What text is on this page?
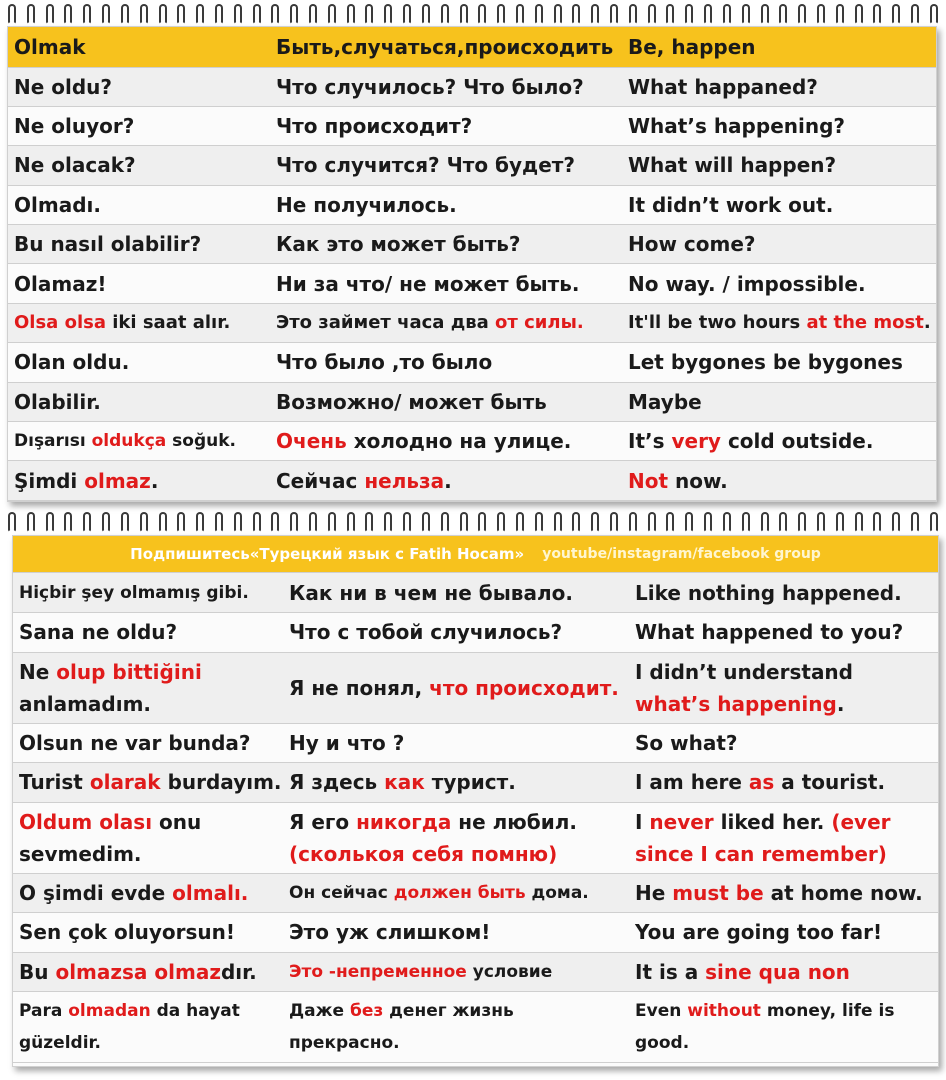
Olmak	Быть,случаться,происходить	Be, happen
Ne oldu?	Что случилось? Что было?	What happaned?
Ne oluyor?	Что происходит?	What’s happening?
Ne olacak?	Что случится? Что будет?	What will happen?
Olmadı.	Не получилось.	It didn’t work out.
Bu nasıl olabilir?	Как это может быть?	How come?
Olamaz!	Ни за что/ не может быть.	No way. / impossible.
Olsa olsa iki saat alır.	Это займет часа два от силы.	It'll be two hours at the most.
Olan oldu.	Что было ,то было	Let bygones be bygones
Olabilir.	Возможно/ может быть	Maybe
Dışarısı oldukça soğuk.	Очень холодно на улице.	It’s very cold outside.
Şimdi olmaz.	Сейчас нельза.	Not now.
Подпишитесь«Турецкий язык с Fatih Hocam» youtube/instagram/facebook group
Hiçbir şey olmamış gibi.	Как ни в чем не бывало.	Like nothing happened.
Sana ne oldu?	Что с тобой случилось?	What happened to you?
Ne olup bittiğini anlamadım.	Я не понял, что происходит.	I didn’t understand what’s happening.
Olsun ne var bunda?	Ну и что ?	So what?
Turist olarak burdayım.	Я здесь как турист.	I am here as a tourist.
Oldum olası onu sevmedim.	Я его никогда не любил. (сколькоя себя помню)	I never liked her. (ever since I can remember)
O şimdi evde olmalı.	Он сейчас должен быть дома.	He must be at home now.
Sen çok oluyorsun!	Это уж слишком!	You are going too far!
Bu olmazsa olmazdır.	Это -непременное условие	It is a sine qua non
Para olmadan da hayat güzeldir.	Даже без денег жизнь прекрасно.	Even without money, life is good.
